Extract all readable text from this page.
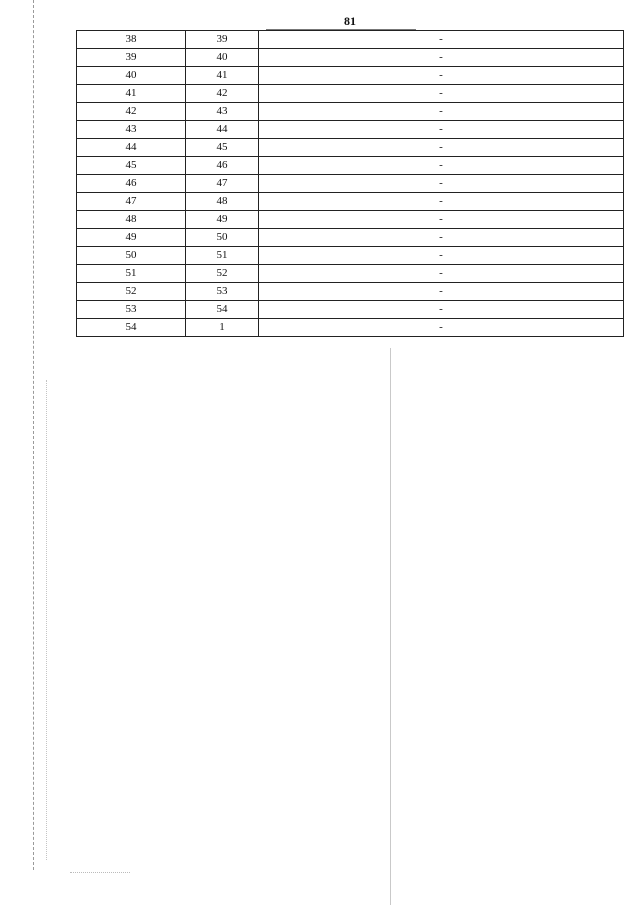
81
38	39	-
39	40	-
40	41	-
41	42	-
42	43	-
43	44	-
44	45	-
45	46	-
46	47	-
47	48	-
48	49	-
49	50	-
50	51	-
51	52	-
52	53	-
53	54	-
54	1	-
